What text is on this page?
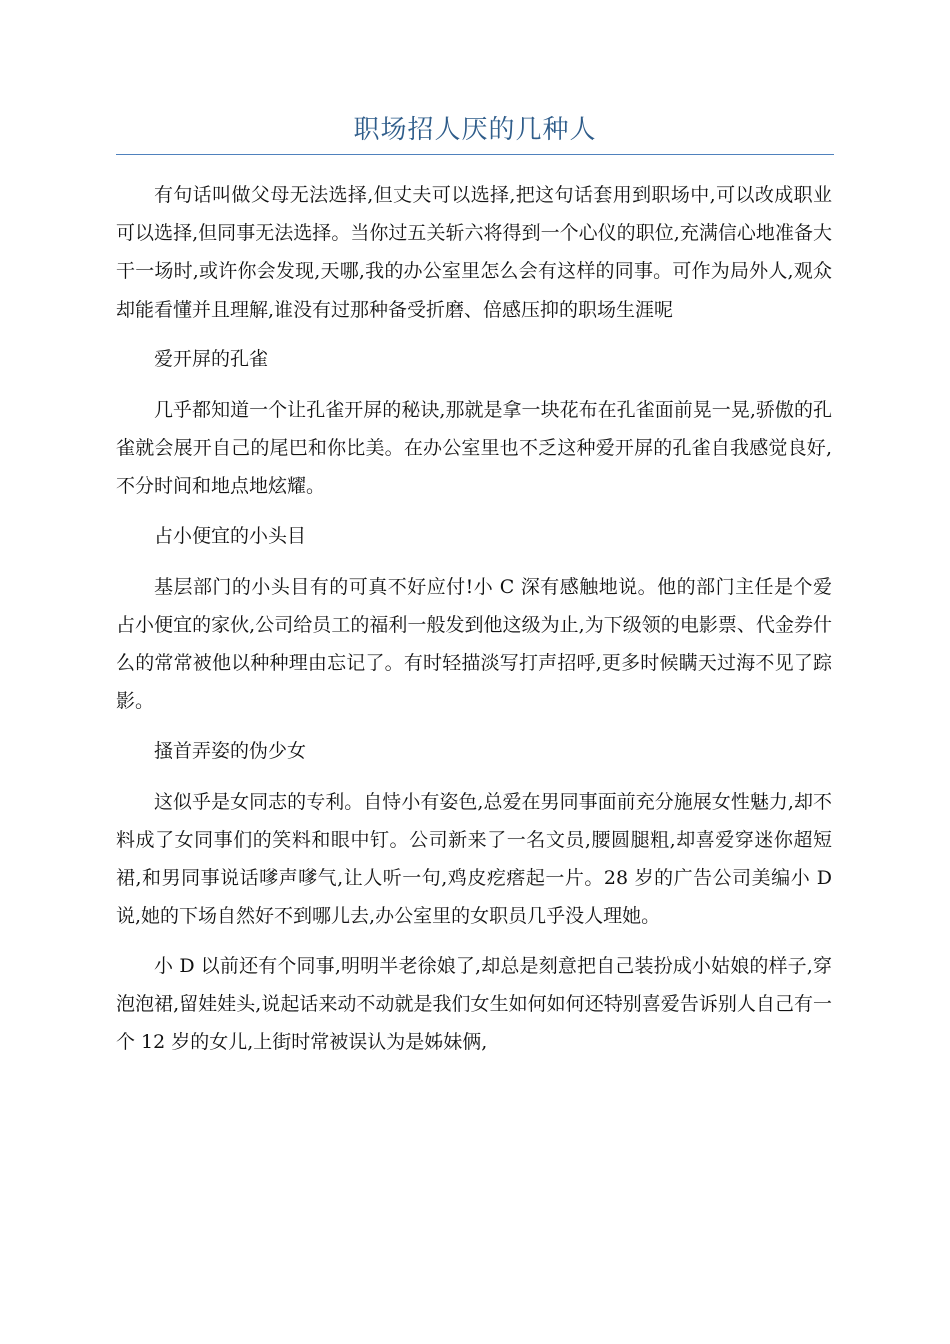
职场招人厌的几种人

有句话叫做父母无法选择,但丈夫可以选择,把这句话套用到职场中,可以改成职业可以选择,但同事无法选择。当你过五关斩六将得到一个心仪的职位,充满信心地准备大干一场时,或许你会发现,天哪,我的办公室里怎么会有这样的同事。可作为局外人,观众却能看懂并且理解,谁没有过那种备受折磨、倍感压抑的职场生涯呢

爱开屏的孔雀

几乎都知道一个让孔雀开屏的秘诀,那就是拿一块花布在孔雀面前晃一晃,骄傲的孔雀就会展开自己的尾巴和你比美。在办公室里也不乏这种爱开屏的孔雀自我感觉良好,不分时间和地点地炫耀。

占小便宜的小头目

基层部门的小头目有的可真不好应付!小 C 深有感触地说。他的部门主任是个爱占小便宜的家伙,公司给员工的福利一般发到他这级为止,为下级领的电影票、代金券什么的常常被他以种种理由忘记了。有时轻描淡写打声招呼,更多时候瞒天过海不见了踪影。

搔首弄姿的伪少女

这似乎是女同志的专利。自恃小有姿色,总爱在男同事面前充分施展女性魅力,却不料成了女同事们的笑料和眼中钉。公司新来了一名文员,腰圆腿粗,却喜爱穿迷你超短裙,和男同事说话嗲声嗲气,让人听一句,鸡皮疙瘩起一片。28 岁的广告公司美编小 D 说,她的下场自然好不到哪儿去,办公室里的女职员几乎没人理她。

小 D 以前还有个同事,明明半老徐娘了,却总是刻意把自己装扮成小姑娘的样子,穿泡泡裙,留娃娃头,说起话来动不动就是我们女生如何如何还特别喜爱告诉别人自己有一个 12 岁的女儿,上街时常被误认为是姊妹俩,
